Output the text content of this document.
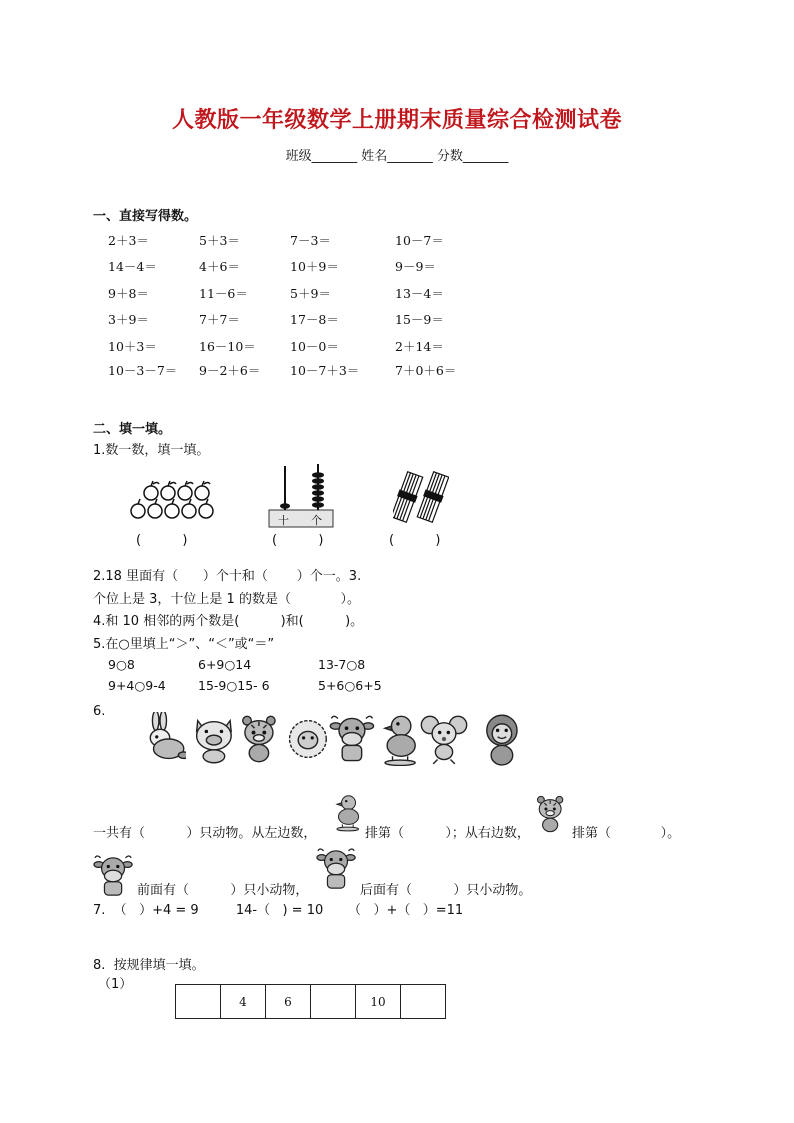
人教版一年级数学上册期末质量综合检测试卷
班级_______ 姓名_______ 分数_______
一、直接写得数。
2＋3＝	5＋3＝	7－3＝	10－7＝
14－4＝	4＋6＝	10＋9＝	9－9＝
9＋8＝	11－6＝	5＋9＝	13－4＝
3＋9＝	7＋7＝	17－8＝	15－9＝
10＋3＝	16－10＝	10－0＝	2＋14＝
10－3－7＝ 9－2＋6＝ 10－7＋3＝	7＋0＋6＝
二、填一填。
1.数一数，填一填。
十 个
(          )	(          )	(          )
2.18 里面有（      ）个十和（       ）个一。3.
个位上是 3，十位上是 1 的数是（            ）。
4.和 10 相邻的两个数是(          )和(          )。
5.在○里填上“＞”、“＜”或“＝”
9○8	6+9○14	13-7○8
9+4○9-4	15-9○15- 6	5+6○6+5
6.
一共有（          ）只动物。从左边数，	排第（          ）；从右边数，	排第（            ）。
前面有（          ）只小动物，	后面有（          ）只小动物。
7.  （   ）+4 = 9         14-（   ) = 10      （   ）+（   ）=11
8.  按规律填一填。
（1）
	4	6		10	
